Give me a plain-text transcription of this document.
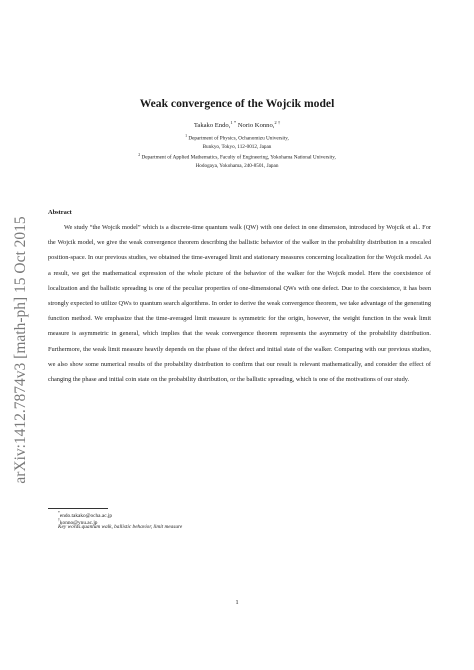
arXiv:1412.7874v3 [math-ph] 15 Oct 2015
Weak convergence of the Wojcik model
Takako Endo,$^{1 *}$ Norio Konno,$^{2 \dagger}$
$^1$ Department of Physics, Ochanomizu University,
Bunkyo, Tokyo, 112-0012, Japan
$^2$ Department of Applied Mathematics, Faculty of Engineering, Yokohama National University,
Hodogaya, Yokohama, 240-8501, Japan
Abstract

We study “the Wojcik model” which is a discrete-time quantum walk (QW) with one defect in one dimension, introduced by Wojcik et al.. For the Wojcik model, we give the weak convergence theorem describing the ballistic behavior of the walker in the probability distribution in a rescaled position-space. In our previous studies, we obtained the time-averaged limit and stationary measures concerning localization for the Wojcik model. As a result, we get the mathematical expression of the whole picture of the behavior of the walker for the Wojcik model. Here the coexistence of localization and the ballistic spreading is one of the peculiar properties of one-dimensional QWs with one defect. Due to the coexistence, it has been strongly expected to utilize QWs to quantum search algorithms. In order to derive the weak convergence theorem, we take advantage of the generating function method. We emphasize that the time-averaged limit measure is symmetric for the origin, however, the weight function in the weak limit measure is asymmetric in general, which implies that the weak convergence theorem represents the asymmetry of the probability distribution. Furthermore, the weak limit measure heavily depends on the phase of the defect and initial state of the walker. Comparing with our previous studies, we also show some numerical results of the probability distribution to confirm that our result is relevant mathematically, and consider the effect of changing the phase and initial coin state on the probability distribution, or the ballistic spreading, which is one of the motivations of our study.

*endo.takako@ocha.ac.jp
†konno@ynu.ac.jp
Key words.quantum walk, ballistic behavior, limit measure
1
